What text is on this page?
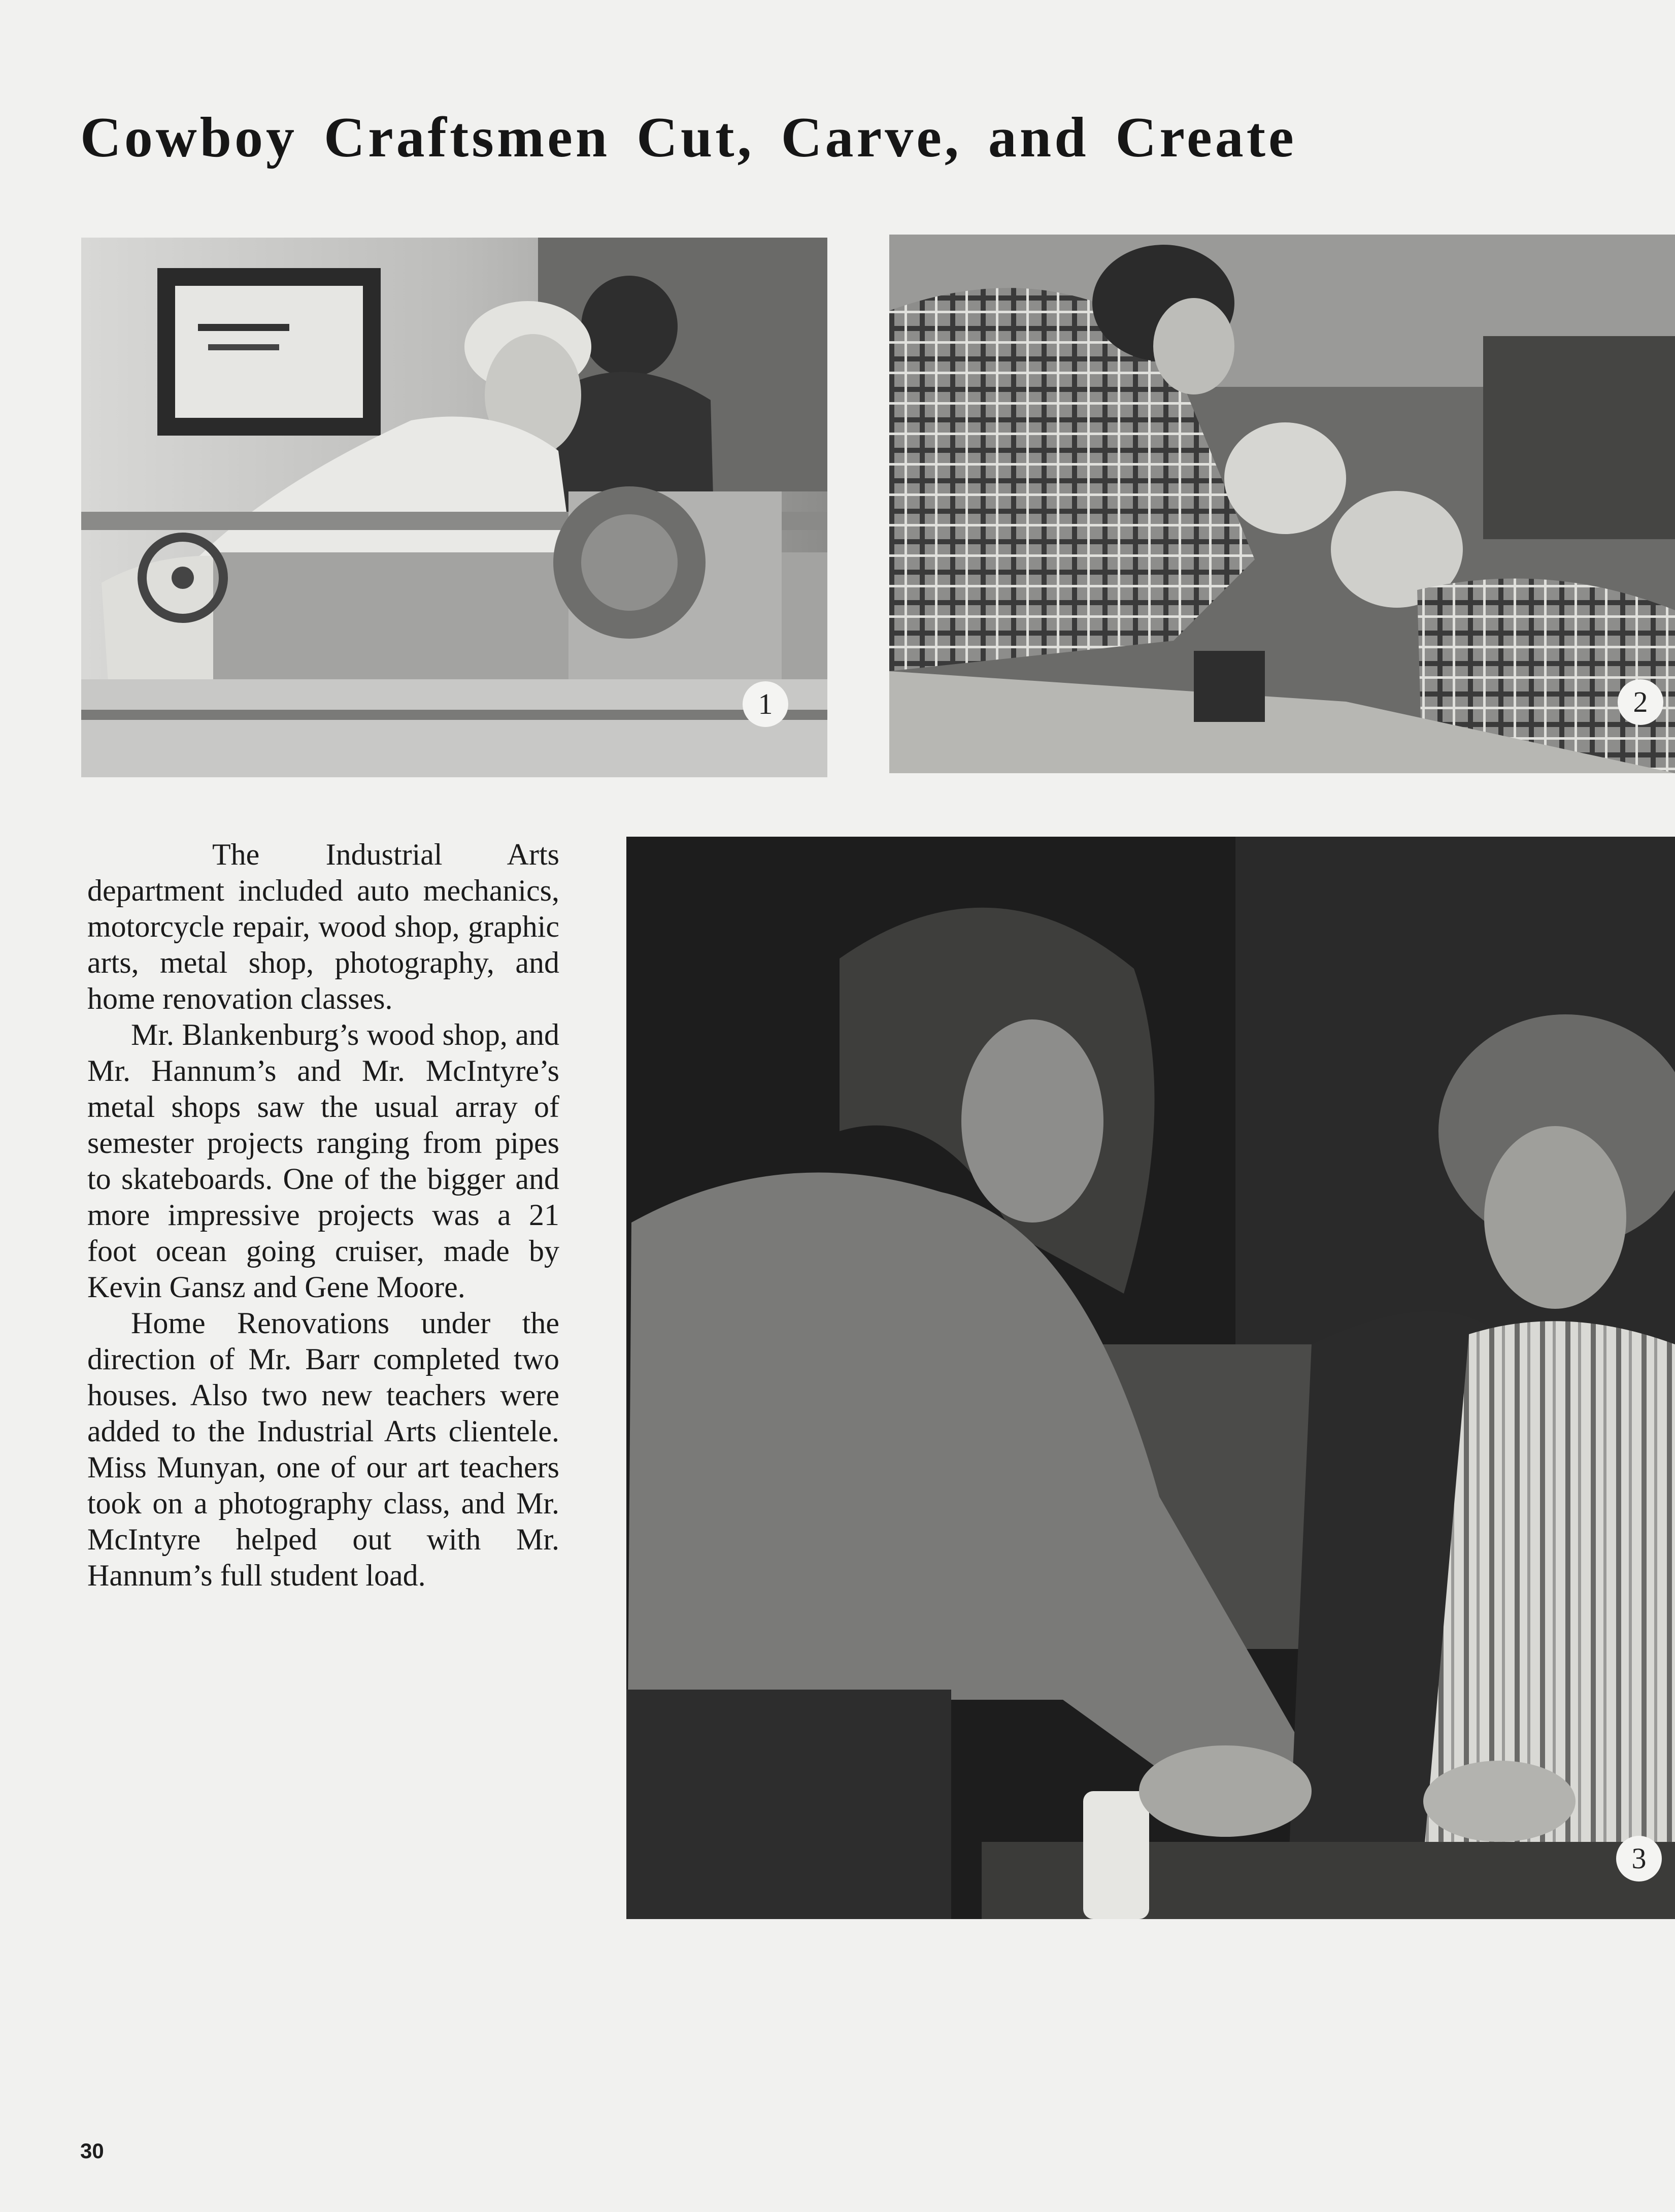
Cowboy Craftsmen Cut, Carve, and Create
1	2

The Industrial Arts department included auto mechanics, motorcycle repair, wood shop, graphic arts, metal shop, photography, and home renovation classes.

Mr. Blankenburg’s wood shop, and Mr. Hannum’s and Mr. McIntyre’s metal shops saw the usual array of semester projects ranging from pipes to skateboards. One of the bigger and more impressive projects was a 21 foot ocean going cruiser, made by Kevin Gansz and Gene Moore.

Home Renovations under the direction of Mr. Barr completed two houses. Also two new teachers were added to the Industrial Arts clientele. Miss Munyan, one of our art teachers took on a photography class, and Mr. McIntyre helped out with Mr. Hannum’s full student load.

3
30
